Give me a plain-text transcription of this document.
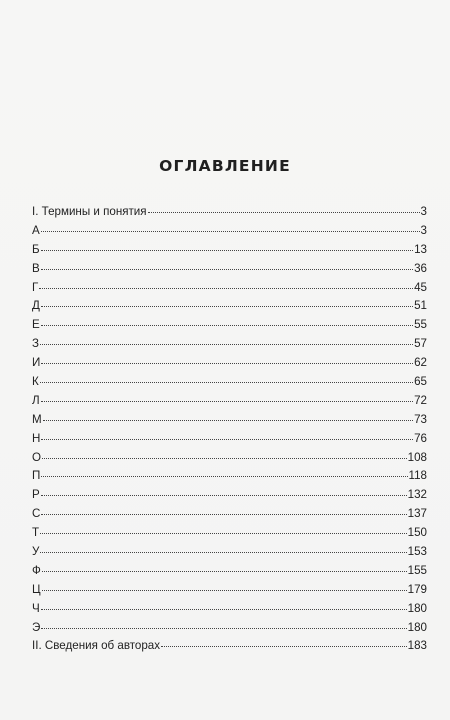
ОГЛАВЛЕНИЕ
I. Термины и понятия	3
А	3
Б	13
В	36
Г	45
Д	51
Е	55
З	57
И	62
К	65
Л	72
М	73
Н	76
О	108
П	118
Р	132
С	137
Т	150
У	153
Ф	155
Ц	179
Ч	180
Э	180
II. Сведения об авторах	183
